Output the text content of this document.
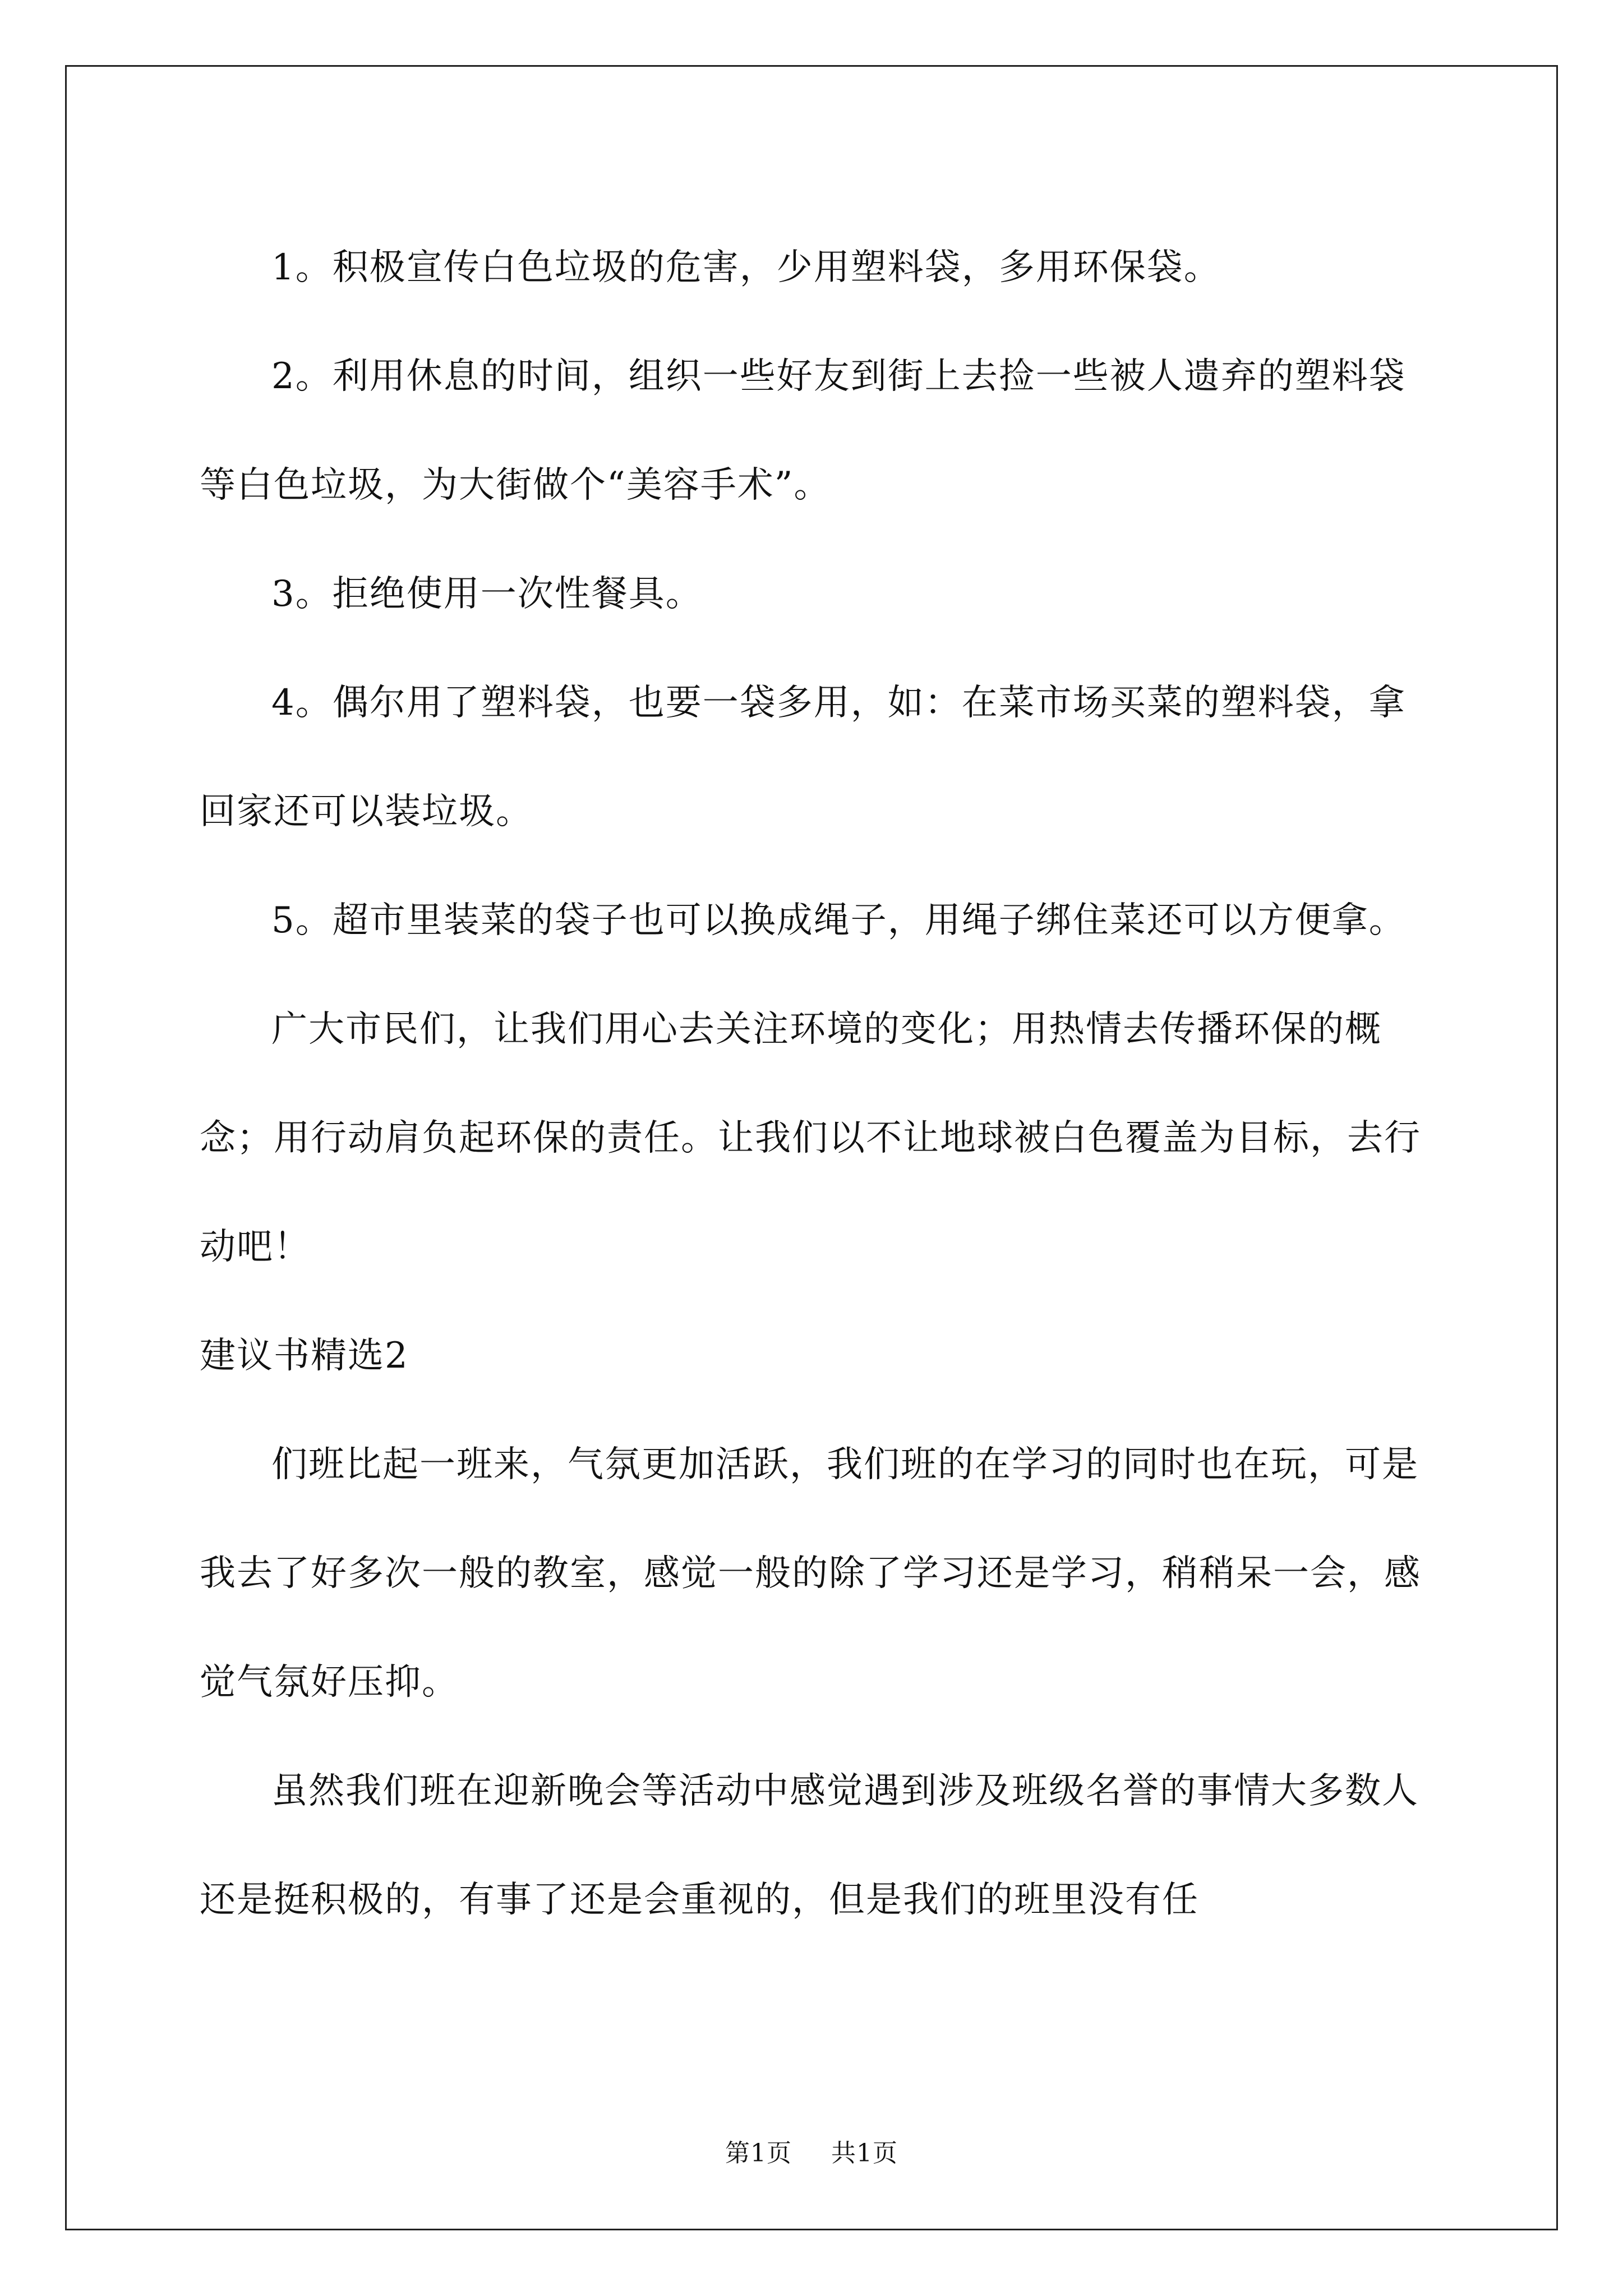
1。积极宣传白色垃圾的危害，少用塑料袋，多用环保袋。

2。利用休息的时间，组织一些好友到街上去捡一些被人遗弃的塑料袋等白色垃圾，为大街做个“美容手术”。

3。拒绝使用一次性餐具。

4。偶尔用了塑料袋，也要一袋多用，如：在菜市场买菜的塑料袋，拿回家还可以装垃圾。

5。超市里装菜的袋子也可以换成绳子，用绳子绑住菜还可以方便拿。

广大市民们，让我们用心去关注环境的变化；用热情去传播环保的概念；用行动肩负起环保的责任。让我们以不让地球被白色覆盖为目标，去行动吧！

建议书精选2

们班比起一班来，气氛更加活跃，我们班的在学习的同时也在玩，可是我去了好多次一般的教室，感觉一般的除了学习还是学习，稍稍呆一会，感觉气氛好压抑。

虽然我们班在迎新晚会等活动中感觉遇到涉及班级名誉的事情大多数人还是挺积极的，有事了还是会重视的，但是我们的班里没有任

第1页 共1页
